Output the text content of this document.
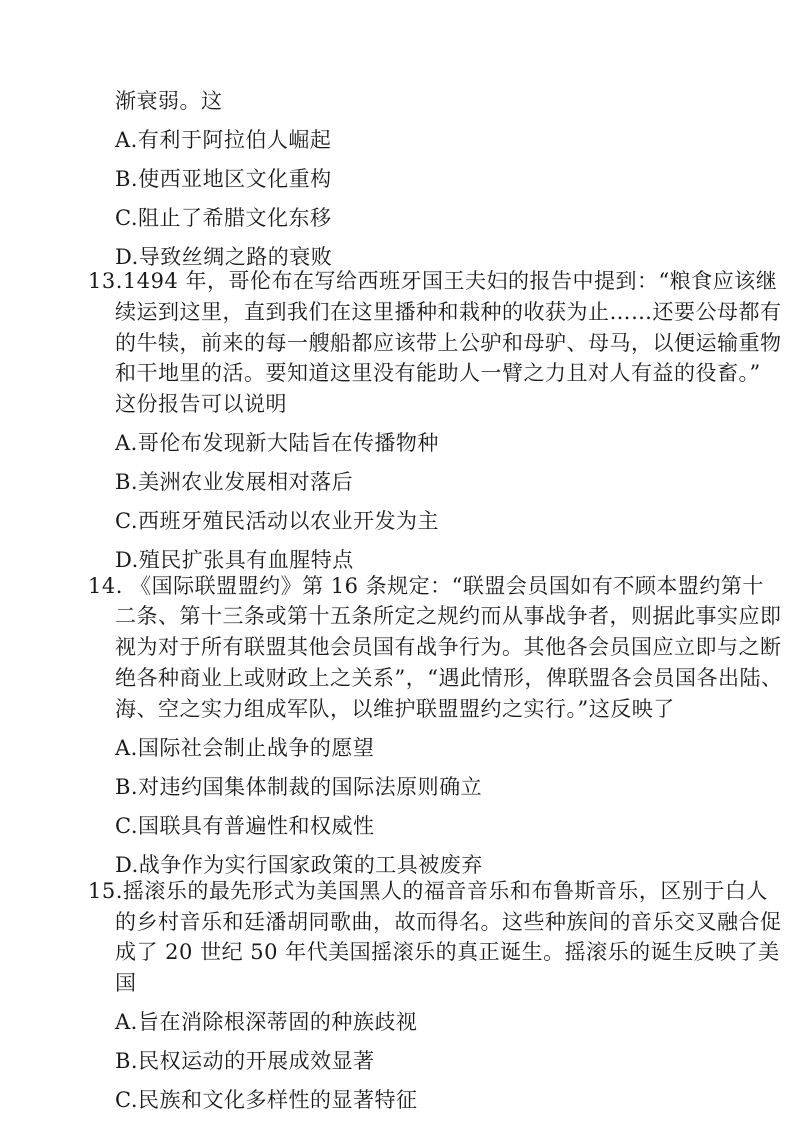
渐衰弱。这
A.有利于阿拉伯人崛起
B.使西亚地区文化重构
C.阻止了希腊文化东移
D.导致丝绸之路的衰败
13.1494 年，哥伦布在写给西班牙国王夫妇的报告中提到：“粮食应该继
续运到这里，直到我们在这里播种和栽种的收获为止……还要公母都有
的牛犊，前来的每一艘船都应该带上公驴和母驴、母马，以便运输重物
和干地里的活。要知道这里没有能助人一臂之力且对人有益的役畜。”
这份报告可以说明
A.哥伦布发现新大陆旨在传播物种
B.美洲农业发展相对落后
C.西班牙殖民活动以农业开发为主
D.殖民扩张具有血腥特点
14. 《国际联盟盟约》第 16 条规定：“联盟会员国如有不顾本盟约第十
二条、第十三条或第十五条所定之规约而从事战争者，则据此事实应即
视为对于所有联盟其他会员国有战争行为。其他各会员国应立即与之断
绝各种商业上或财政上之关系”，“遇此情形，俾联盟各会员国各出陆、
海、空之实力组成军队，以维护联盟盟约之实行。”这反映了
A.国际社会制止战争的愿望
B.对违约国集体制裁的国际法原则确立
C.国联具有普遍性和权威性
D.战争作为实行国家政策的工具被废弃
15.摇滚乐的最先形式为美国黑人的福音音乐和布鲁斯音乐，区别于白人
的乡村音乐和廷潘胡同歌曲，故而得名。这些种族间的音乐交叉融合促
成了 20 世纪 50 年代美国摇滚乐的真正诞生。摇滚乐的诞生反映了美
国
A.旨在消除根深蒂固的种族歧视
B.民权运动的开展成效显著
C.民族和文化多样性的显著特征
